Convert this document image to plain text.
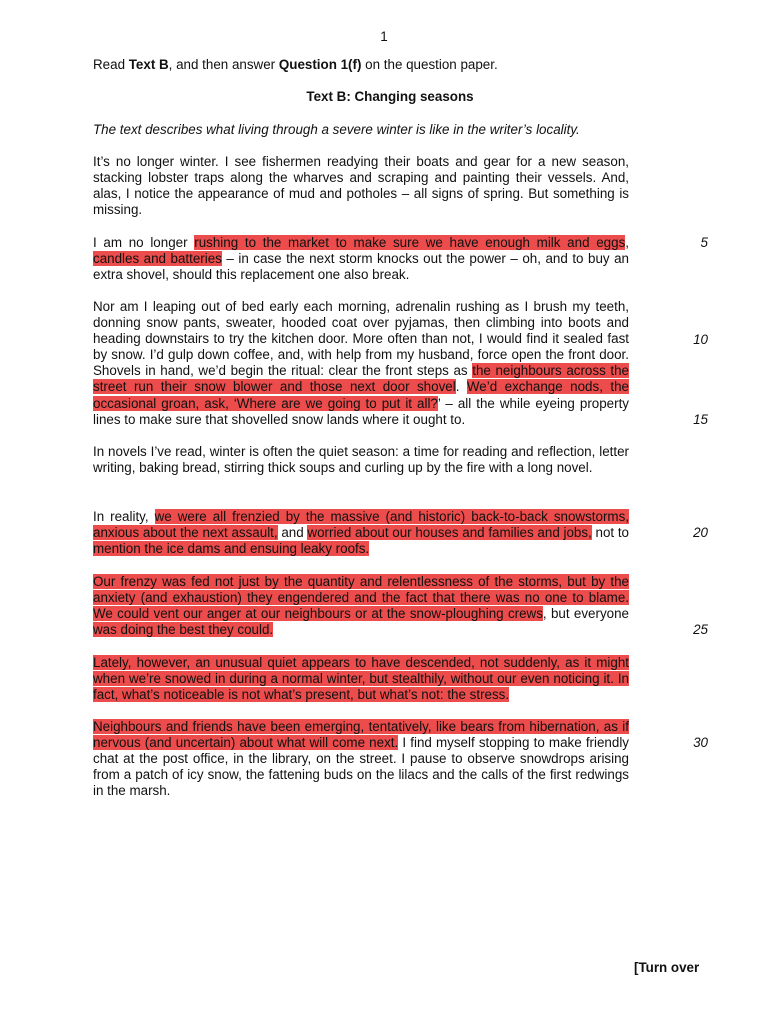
1
Read Text B, and then answer Question 1(f) on the question paper.
Text B: Changing seasons
The text describes what living through a severe winter is like in the writer’s locality.

It’s no longer winter. I see fishermen readying their boats and gear for a new season, stacking lobster traps along the wharves and scraping and painting their vessels. And, alas, I notice the appearance of mud and potholes – all signs of spring. But something is missing.

I am no longer rushing to the market to make sure we have enough milk and eggs, candles and batteries – in case the next storm knocks out the power – oh, and to buy an extra shovel, should this replacement one also break.

Nor am I leaping out of bed early each morning, adrenalin rushing as I brush my teeth, donning snow pants, sweater, hooded coat over pyjamas, then climbing into boots and heading downstairs to try the kitchen door. More often than not, I would find it sealed fast by snow. I’d gulp down coffee, and, with help from my husband, force open the front door. Shovels in hand, we’d begin the ritual: clear the front steps as the neighbours across the street run their snow blower and those next door shovel. We’d exchange nods, the occasional groan, ask, ‘Where are we going to put it all?’ – all the while eyeing property lines to make sure that shovelled snow lands where it ought to.

In novels I’ve read, winter is often the quiet season: a time for reading and reflection, letter writing, baking bread, stirring thick soups and curling up by the fire with a long novel.

In reality, we were all frenzied by the massive (and historic) back-to-back snowstorms, anxious about the next assault, and worried about our houses and families and jobs, not to mention the ice dams and ensuing leaky roofs.

Our frenzy was fed not just by the quantity and relentlessness of the storms, but by the anxiety (and exhaustion) they engendered and the fact that there was no one to blame. We could vent our anger at our neighbours or at the snow-ploughing crews, but everyone was doing the best they could.

Lately, however, an unusual quiet appears to have descended, not suddenly, as it might when we’re snowed in during a normal winter, but stealthily, without our even noticing it. In fact, what’s noticeable is not what’s present, but what’s not: the stress.

Neighbours and friends have been emerging, tentatively, like bears from hibernation, as if nervous (and uncertain) about what will come next. I find myself stopping to make friendly chat at the post office, in the library, on the street. I pause to observe snowdrops arising from a patch of icy snow, the fattening buds on the lilacs and the calls of the first redwings in the marsh.

5
10
15
20
25
30
[Turn over
